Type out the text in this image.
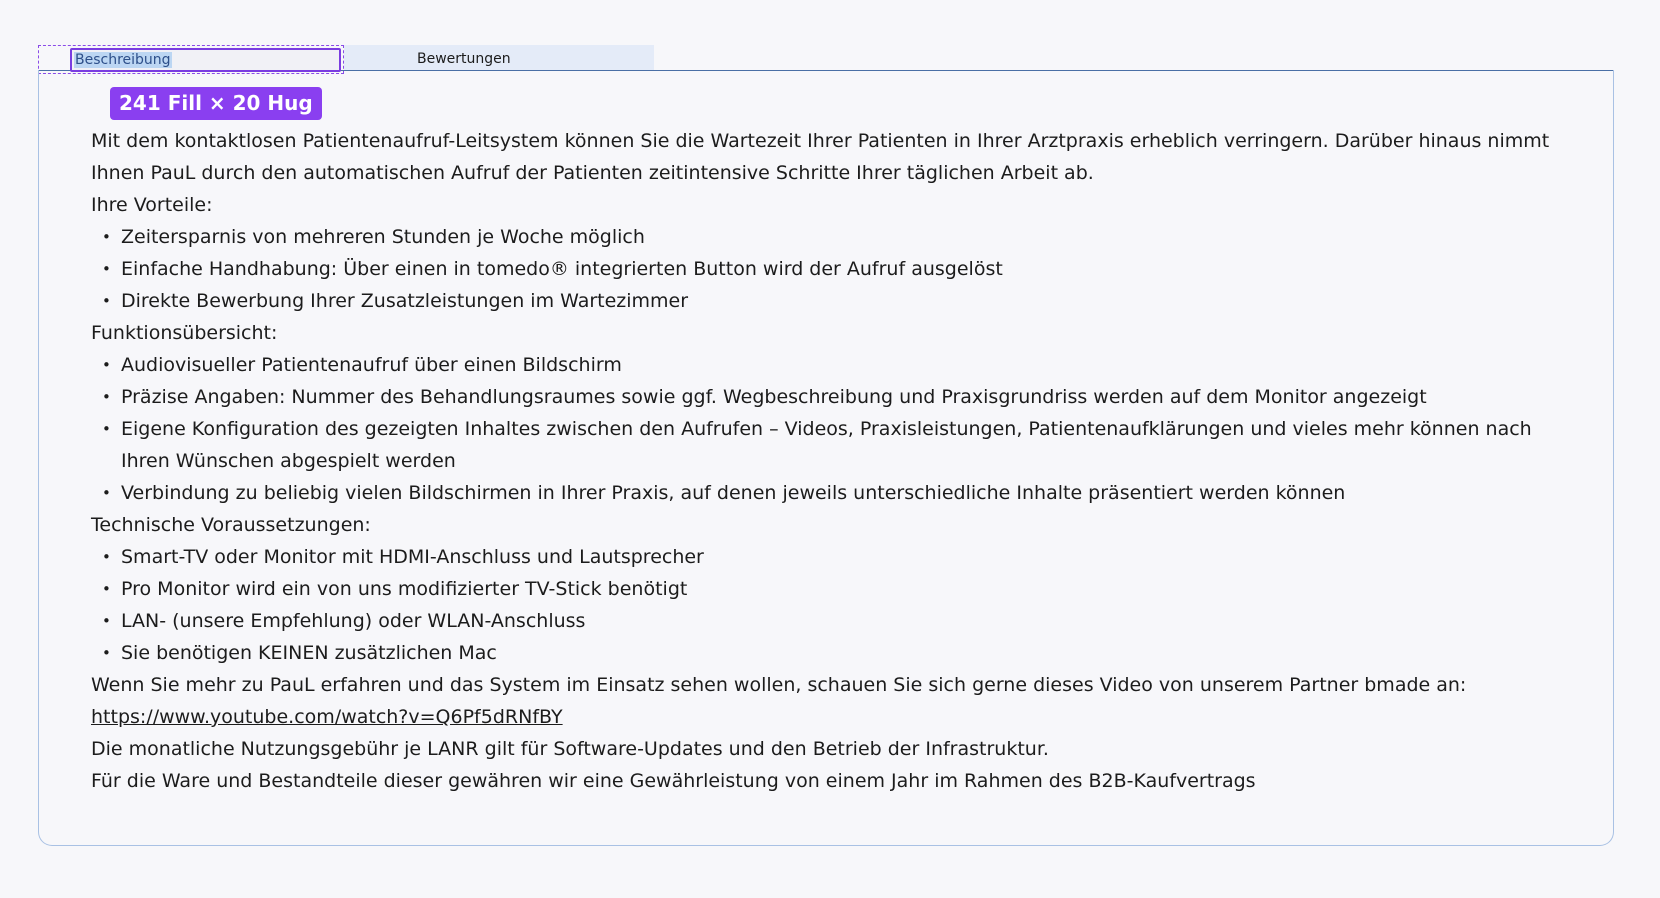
Beschreibung	Bewertungen
241 Fill × 20 Hug

Mit dem kontaktlosen Patientenaufruf-Leitsystem können Sie die Wartezeit Ihrer Patienten in Ihrer Arztpraxis erheblich verringern. Darüber hinaus nimmt Ihnen PauL durch den automatischen Aufruf der Patienten zeitintensive Schritte Ihrer täglichen Arbeit ab.

Ihre Vorteile:

• Zeitersparnis von mehreren Stunden je Woche möglich
• Einfache Handhabung: Über einen in tomedo® integrierten Button wird der Aufruf ausgelöst
• Direkte Bewerbung Ihrer Zusatzleistungen im Wartezimmer

Funktionsübersicht:

• Audiovisueller Patientenaufruf über einen Bildschirm
• Präzise Angaben: Nummer des Behandlungsraumes sowie ggf. Wegbeschreibung und Praxisgrundriss werden auf dem Monitor angezeigt
• Eigene Konfiguration des gezeigten Inhaltes zwischen den Aufrufen – Videos, Praxisleistungen, Patientenaufklärungen und vieles mehr können nach Ihren Wünschen abgespielt werden
• Verbindung zu beliebig vielen Bildschirmen in Ihrer Praxis, auf denen jeweils unterschiedliche Inhalte präsentiert werden können

Technische Voraussetzungen:

• Smart-TV oder Monitor mit HDMI-Anschluss und Lautsprecher
• Pro Monitor wird ein von uns modifizierter TV-Stick benötigt
• LAN- (unsere Empfehlung) oder WLAN-Anschluss
• Sie benötigen KEINEN zusätzlichen Mac

Wenn Sie mehr zu PauL erfahren und das System im Einsatz sehen wollen, schauen Sie sich gerne dieses Video von unserem Partner bmade an: https://www.youtube.com/watch?v=Q6Pf5dRNfBY

Die monatliche Nutzungsgebühr je LANR gilt für Software-Updates und den Betrieb der Infrastruktur.

Für die Ware und Bestandteile dieser gewähren wir eine Gewährleistung von einem Jahr im Rahmen des B2B-Kaufvertrags
